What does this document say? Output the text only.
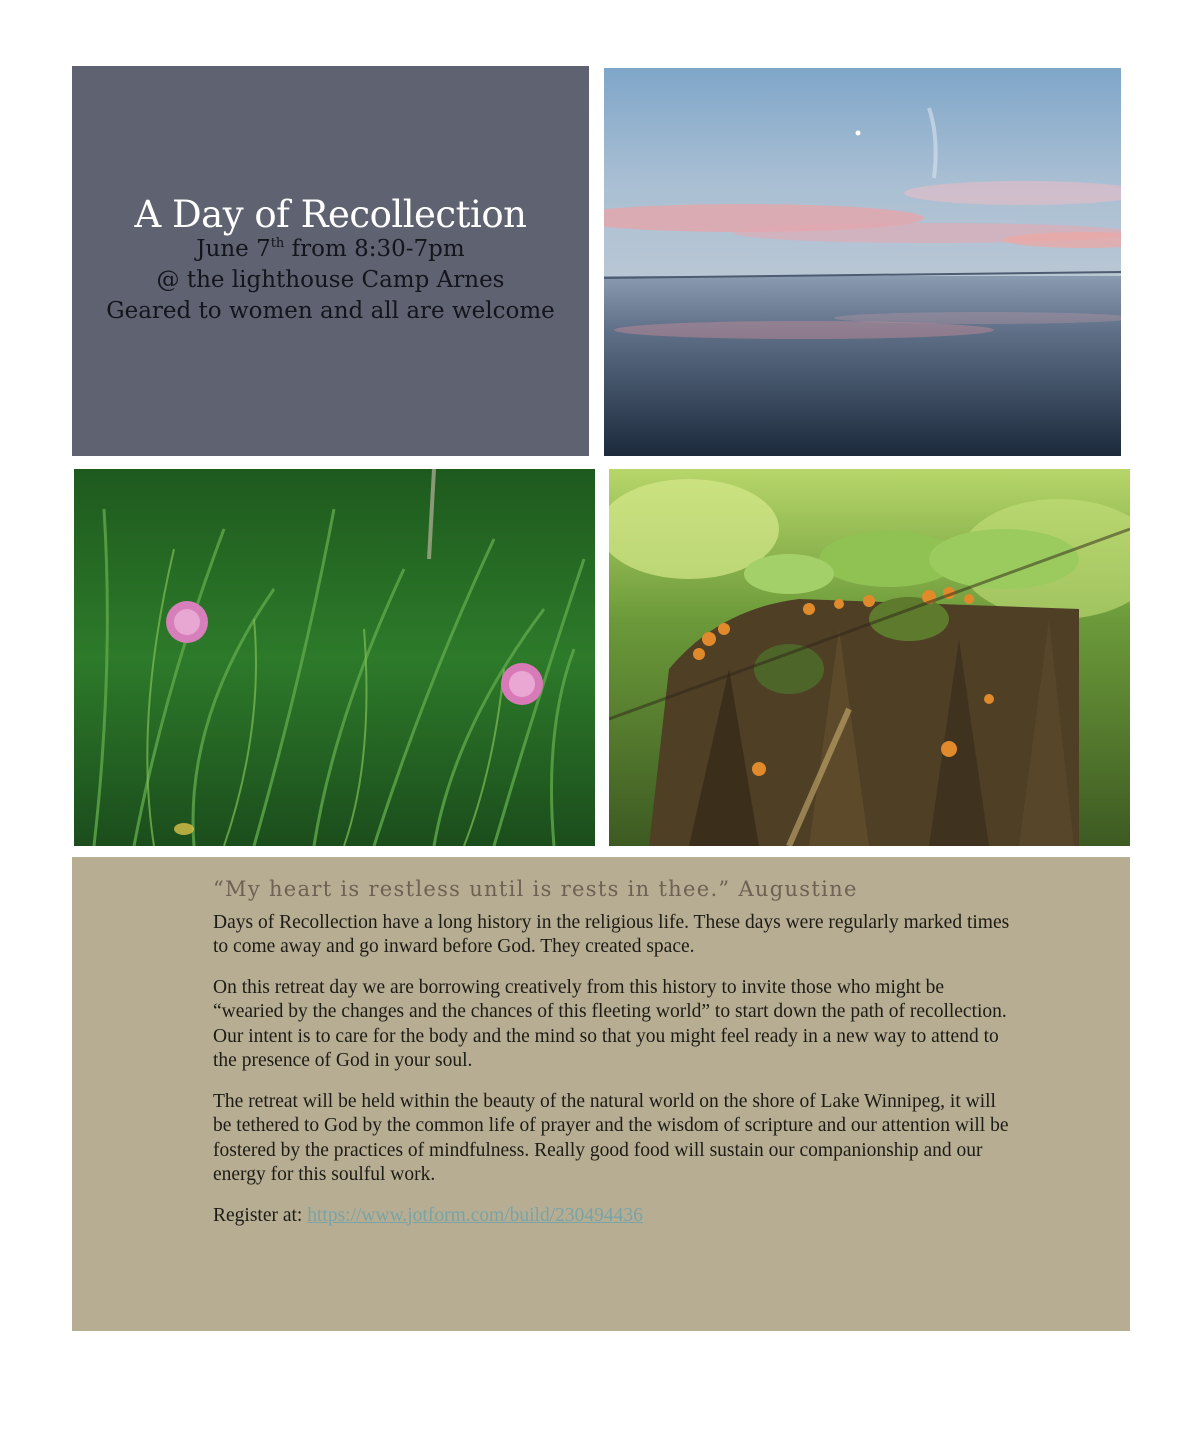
A Day of Recollection
June 7th from 8:30-7pm
@ the lighthouse Camp Arnes
Geared to women and all are welcome
“My heart is restless until is rests in thee.” Augustine

Days of Recollection have a long history in the religious life. These days were regularly marked times to come away and go inward before God. They created space.

On this retreat day we are borrowing creatively from this history to invite those who might be “wearied by the changes and the chances of this fleeting world” to start down the path of recollection. Our intent is to care for the body and the mind so that you might feel ready in a new way to attend to the presence of God in your soul.

The retreat will be held within the beauty of the natural world on the shore of Lake Winnipeg, it will be tethered to God by the common life of prayer and the wisdom of scripture and our attention will be fostered by the practices of mindfulness. Really good food will sustain our companionship and our energy for this soulful work.

Register at: https://www.jotform.com/build/230494436
